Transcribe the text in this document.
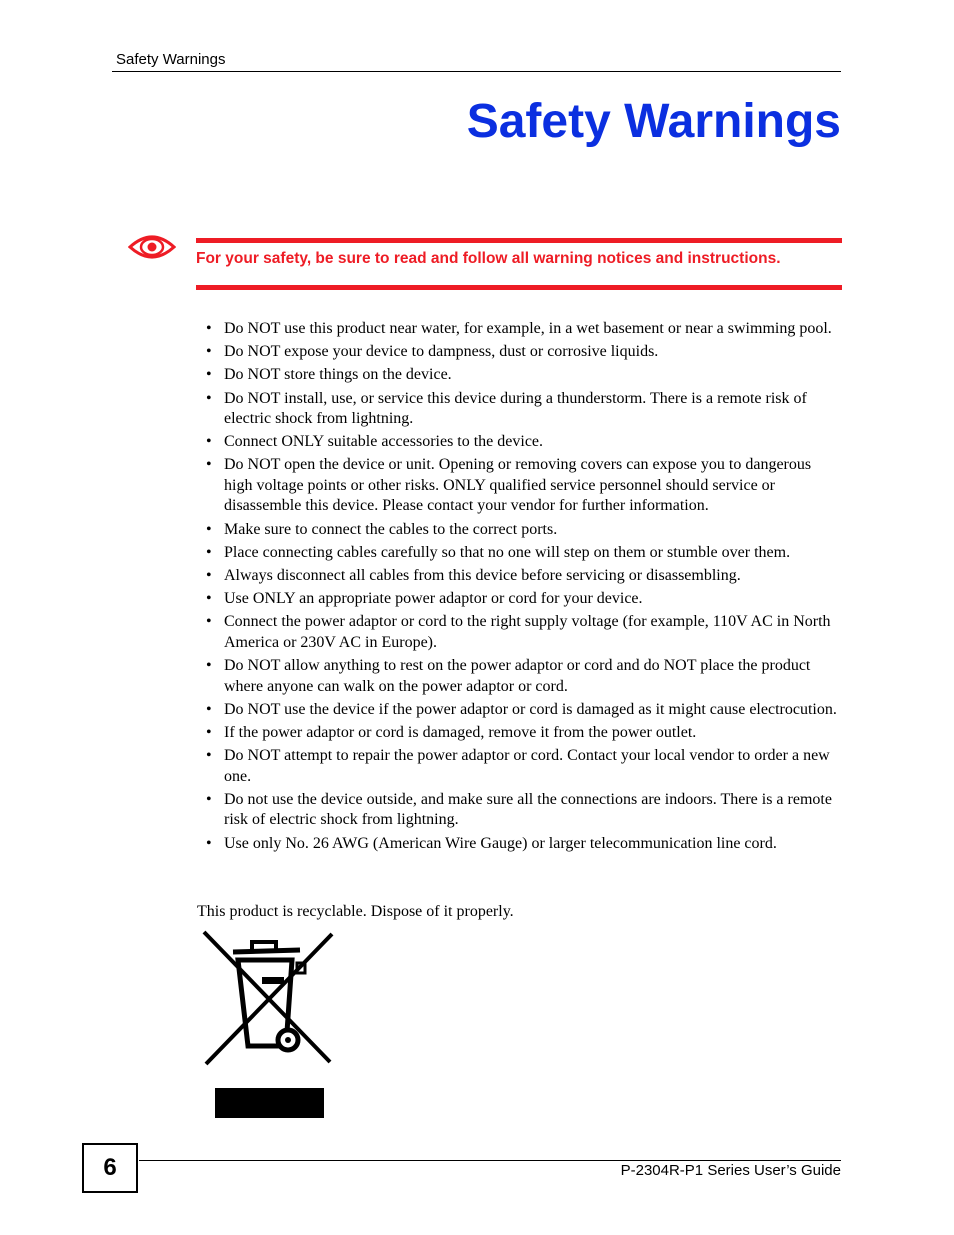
Safety Warnings
Safety Warnings
For your safety, be sure to read and follow all warning notices and instructions.
• Do NOT use this product near water, for example, in a wet basement or near a swimming pool.
• Do NOT expose your device to dampness, dust or corrosive liquids.
• Do NOT store things on the device.
• Do NOT install, use, or service this device during a thunderstorm. There is a remote risk of electric shock from lightning.
• Connect ONLY suitable accessories to the device.
• Do NOT open the device or unit. Opening or removing covers can expose you to dangerous high voltage points or other risks. ONLY qualified service personnel should service or disassemble this device. Please contact your vendor for further information.
• Make sure to connect the cables to the correct ports.
• Place connecting cables carefully so that no one will step on them or stumble over them.
• Always disconnect all cables from this device before servicing or disassembling.
• Use ONLY an appropriate power adaptor or cord for your device.
• Connect the power adaptor or cord to the right supply voltage (for example, 110V AC in North America or 230V AC in Europe).
• Do NOT allow anything to rest on the power adaptor or cord and do NOT place the product where anyone can walk on the power adaptor or cord.
• Do NOT use the device if the power adaptor or cord is damaged as it might cause electrocution.
• If the power adaptor or cord is damaged, remove it from the power outlet.
• Do NOT attempt to repair the power adaptor or cord. Contact your local vendor to order a new one.
• Do not use the device outside, and make sure all the connections are indoors. There is a remote risk of electric shock from lightning.
• Use only No. 26 AWG (American Wire Gauge) or larger telecommunication line cord.
This product is recyclable. Dispose of it properly.
6	P-2304R-P1 Series User’s Guide
